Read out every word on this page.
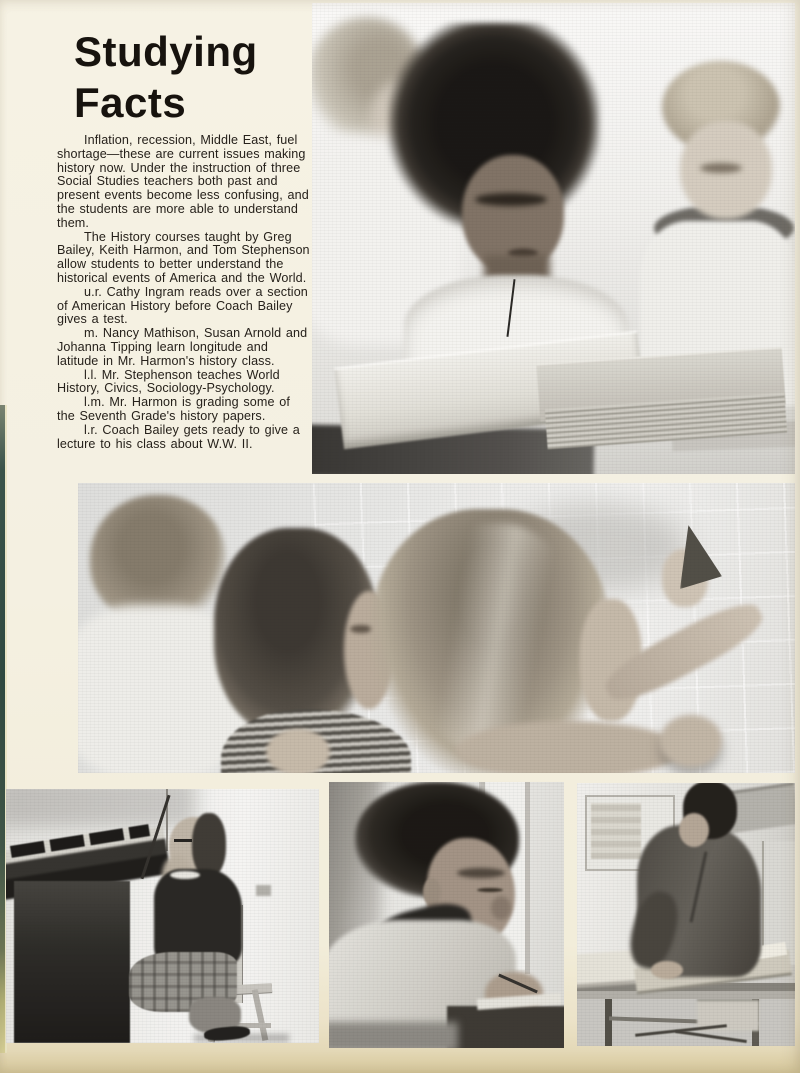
Studying
Facts

Inflation, recession, Middle East, fuel shortage—these are current issues making history now. Under the instruction of three Social Studies teachers both past and present events become less confusing, and the students are more able to understand them.

The History courses taught by Greg Bailey, Keith Harmon, and Tom Stephenson allow students to better understand the historical events of America and the World.

u.r. Cathy Ingram reads over a section of American History before Coach Bailey gives a test.

m. Nancy Mathison, Susan Arnold and Johanna Tipping learn longitude and latitude in Mr. Harmon's history class.

l.l. Mr. Stephenson teaches World History, Civics, Sociology-Psychology.

l.m. Mr. Harmon is grading some of the Seventh Grade's history papers.

l.r. Coach Bailey gets ready to give a lecture to his class about W.W. II.
